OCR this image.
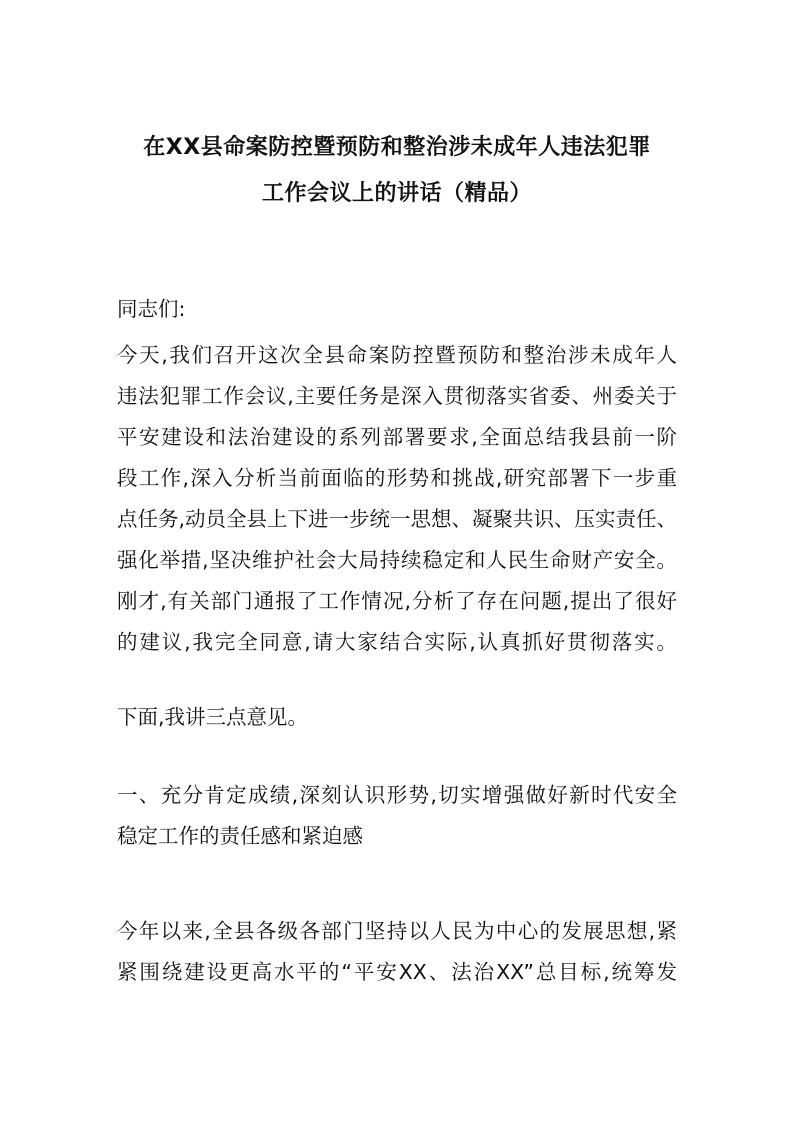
在XX县命案防控暨预防和整治涉未成年人违法犯罪
工作会议上的讲话（精品）
同志们:
今天,我们召开这次全县命案防控暨预防和整治涉未成年人
违法犯罪工作会议,主要任务是深入贯彻落实省委、州委关于
平安建设和法治建设的系列部署要求,全面总结我县前一阶
段工作,深入分析当前面临的形势和挑战,研究部署下一步重
点任务,动员全县上下进一步统一思想、凝聚共识、压实责任、
强化举措,坚决维护社会大局持续稳定和人民生命财产安全。
刚才,有关部门通报了工作情况,分析了存在问题,提出了很好
的建议,我完全同意,请大家结合实际,认真抓好贯彻落实。
下面,我讲三点意见。
一、充分肯定成绩,深刻认识形势,切实增强做好新时代安全
稳定工作的责任感和紧迫感
今年以来,全县各级各部门坚持以人民为中心的发展思想,紧
紧围绕建设更高水平的“平安XX、法治XX”总目标,统筹发
